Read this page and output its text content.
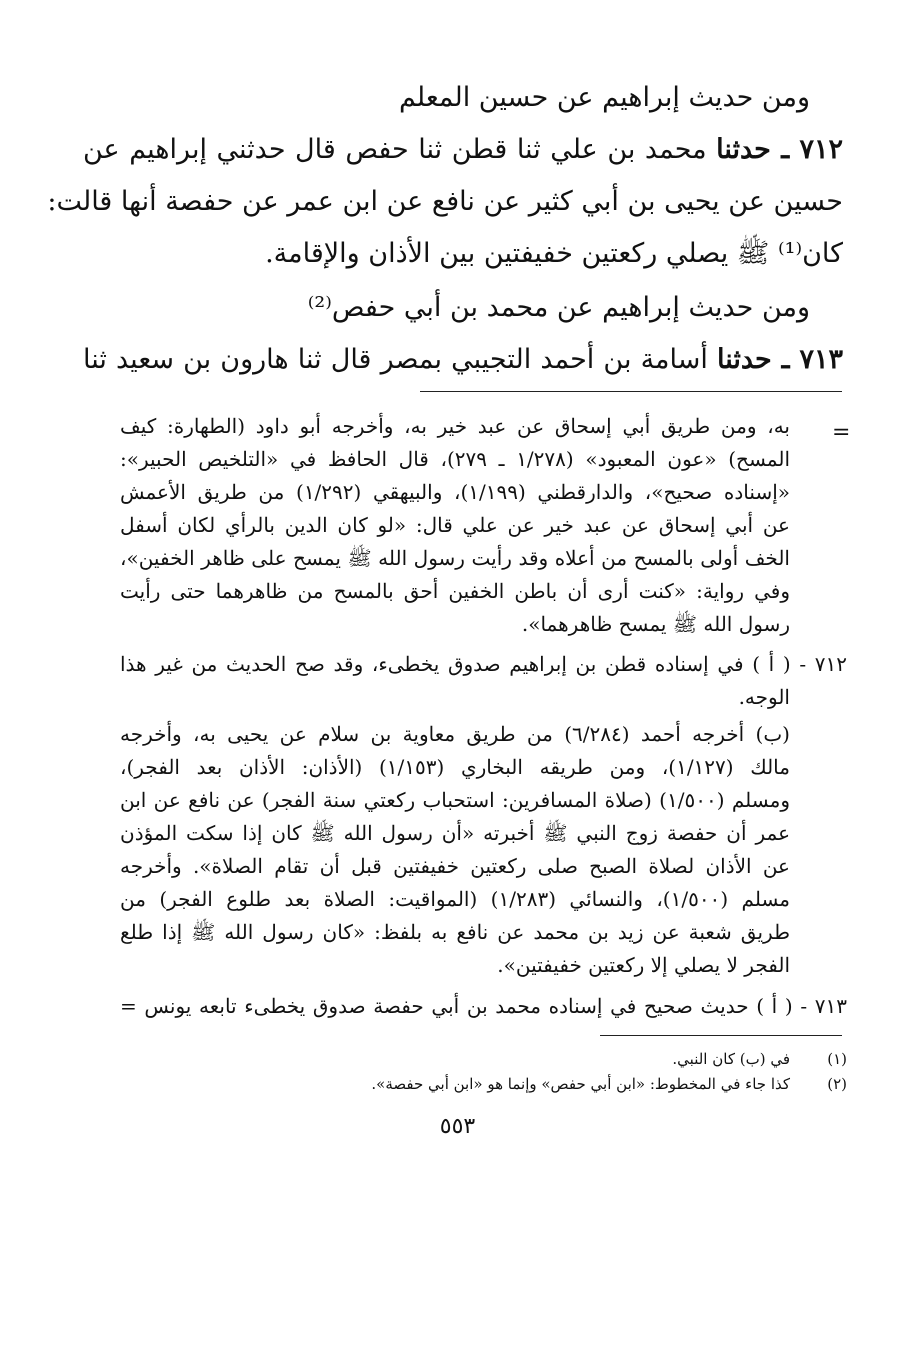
ومن حديث إبراهيم عن حسين المعلم
٧١٢ ـ حدثنا محمد بن علي ثنا قطن ثنا حفص قال حدثني إبراهيم عن
حسين عن يحيى بن أبي كثير عن نافع عن ابن عمر عن حفصة أنها قالت:
كان⁽¹⁾ ﷺ يصلي ركعتين خفيفتين بين الأذان والإقامة.
ومن حديث إبراهيم عن محمد بن أبي حفص⁽²⁾
٧١٣ ـ حدثنا أسامة بن أحمد التجيبي بمصر قال ثنا هارون بن سعيد ثنا
=
به، ومن طريق أبي إسحاق عن عبد خير به، وأخرجه أبو داود (الطهارة: كيف
المسح) «عون المعبود» (١/٢٧٨ ـ ٢٧٩)، قال الحافظ في «التلخيص الحبير»:
«إسناده صحيح»، والدارقطني (١/١٩٩)، والبيهقي (١/٢٩٢) من طريق الأعمش
عن أبي إسحاق عن عبد خير عن علي قال: «لو كان الدين بالرأي لكان أسفل
الخف أولى بالمسح من أعلاه وقد رأيت رسول الله ﷺ يمسح على ظاهر الخفين»،
وفي رواية: «كنت أرى أن باطن الخفين أحق بالمسح من ظاهرهما حتى رأيت
رسول الله ﷺ يمسح ظاهرهما».
٧١٢ - ( أ ) في إسناده قطن بن إبراهيم صدوق يخطىء، وقد صح الحديث من غير هذا
الوجه.
(ب) أخرجه أحمد (٦/٢٨٤) من طريق معاوية بن سلام عن يحيى به، وأخرجه
مالك (١/١٢٧)، ومن طريقه البخاري (١/١٥٣) (الأذان: الأذان بعد الفجر)،
ومسلم (١/٥٠٠) (صلاة المسافرين: استحباب ركعتي سنة الفجر) عن نافع عن ابن
عمر أن حفصة زوج النبي ﷺ أخبرته «أن رسول الله ﷺ كان إذا سكت المؤذن
عن الأذان لصلاة الصبح صلى ركعتين خفيفتين قبل أن تقام الصلاة». وأخرجه
مسلم (١/٥٠٠)، والنسائي (١/٢٨٣) (المواقيت: الصلاة بعد طلوع الفجر) من
طريق شعبة عن زيد بن محمد عن نافع به بلفظ: «كان رسول الله ﷺ إذا طلع
الفجر لا يصلي إلا ركعتين خفيفتين».
٧١٣ - ( أ ) حديث صحيح في إسناده محمد بن أبي حفصة صدوق يخطىء تابعه يونس =
(١)
في (ب) كان النبي.
(٢)
كذا جاء في المخطوط: «ابن أبي حفص» وإنما هو «ابن أبي حفصة».
٥٥٣
